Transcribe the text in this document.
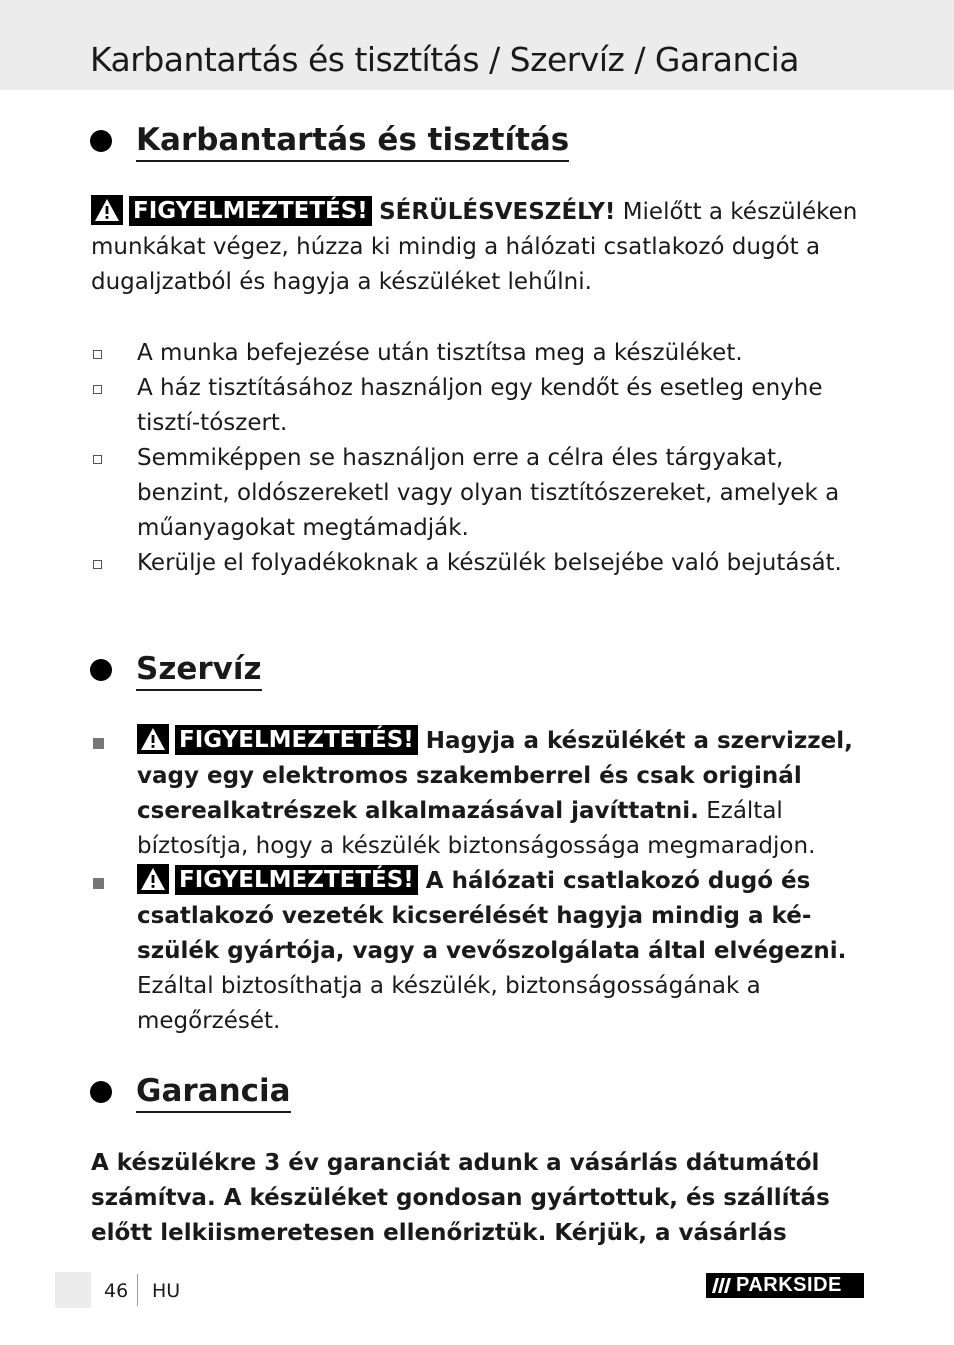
Karbantartás és tisztítás / Szervíz / Garancia
Karbantartás és tisztítás
FIGYELMEZTETÉS! SÉRÜLÉSVESZÉLY! Mielőtt a készüléken munkákat végez, húzza ki mindig a hálózati csatlakozó dugót a dugaljzatból és hagyja a készüléket lehűlni.
A munka befejezése után tisztítsa meg a készüléket.
A ház tisztításához használjon egy kendőt és esetleg enyhe tisztí-tószert.
Semmiképpen se használjon erre a célra éles tárgyakat, benzint, oldószereketl vagy olyan tisztítószereket, amelyek a műanyagokat megtámadják.
Kerülje el folyadékoknak a készülék belsejébe való bejutását.
Szervíz
FIGYELMEZTETÉS! Hagyja a készülékét a szervizzel, vagy egy elektromos szakemberrel és csak originál cserealkatrészek alkalmazásával javíttatni. Ezáltal bíztosítja, hogy a készülék biztonságossága megmaradjon.
FIGYELMEZTETÉS! A hálózati csatlakozó dugó és csatlakozó vezeték kicserélését hagyja mindig a ké-szülék gyártója, vagy a vevőszolgálata által elvégezni. Ezáltal biztosíthatja a készülék, biztonságosságának a megőrzését.
Garancia
A készülékre 3 év garanciát adunk a vásárlás dátumától számítva. A készüléket gondosan gyártottuk, és szállítás előtt lelkiismeretesen ellenőriztük. Kérjük, a vásárlás
46 HU	PARKSIDE
